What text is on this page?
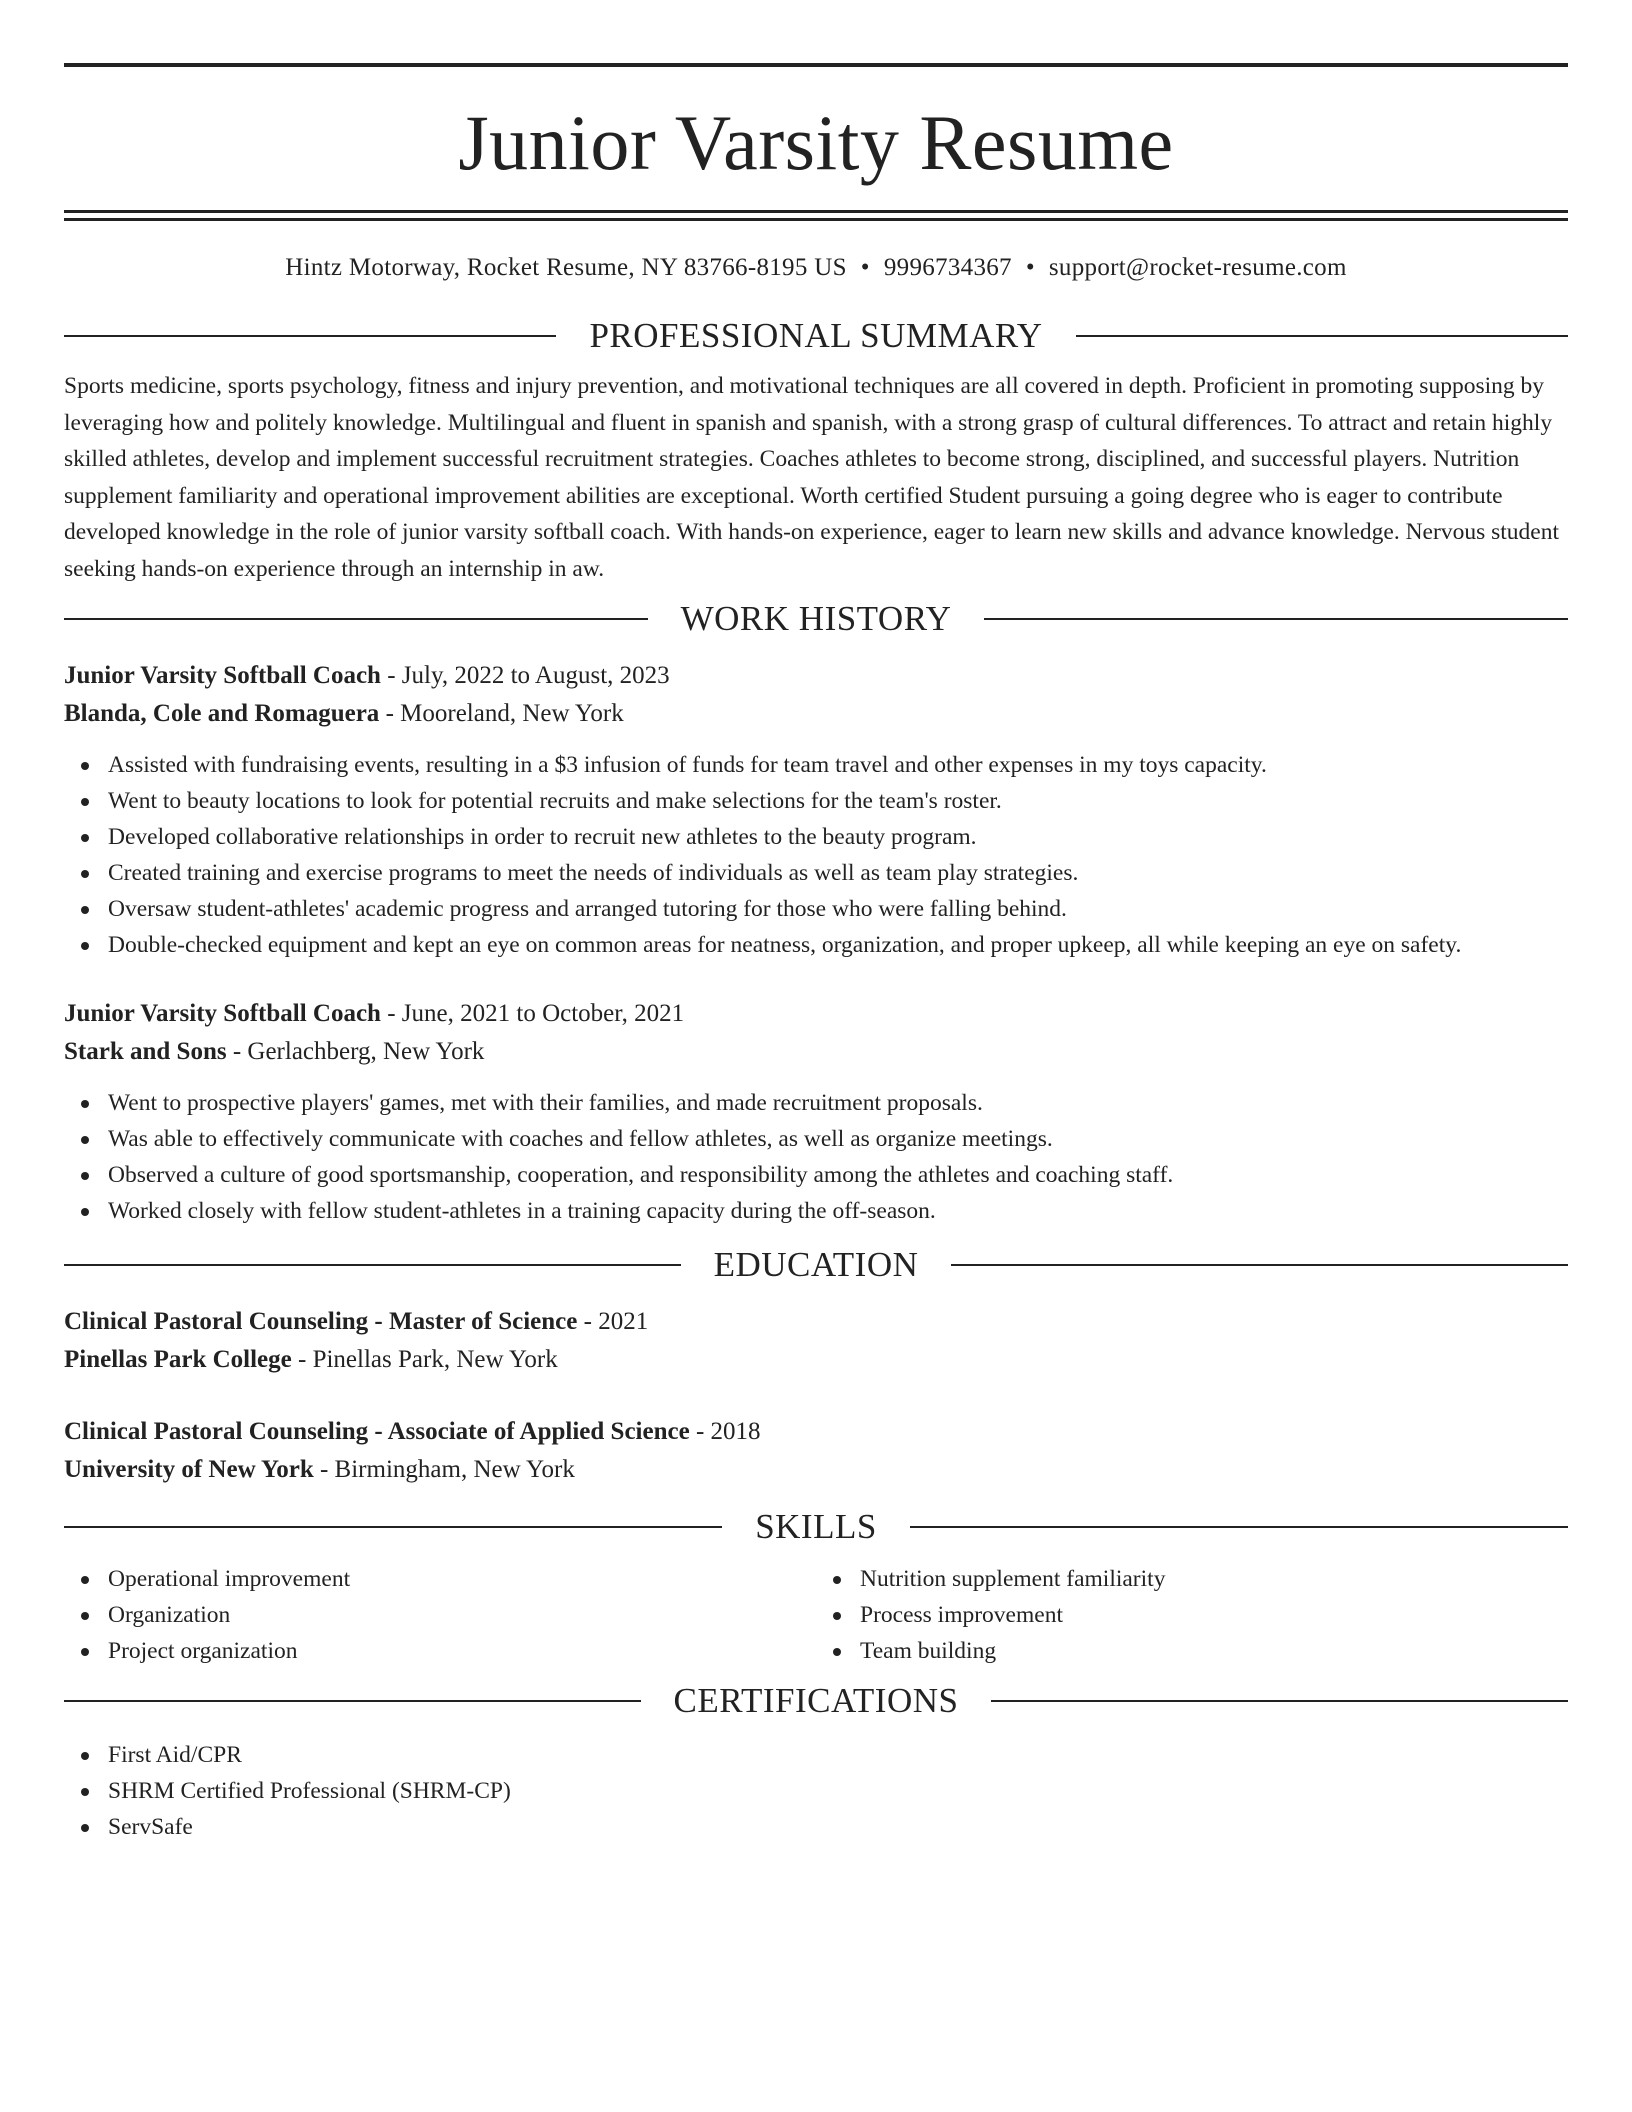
Junior Varsity Resume
Hintz Motorway, Rocket Resume, NY 83766-8195 US • 9996734367 • support@rocket-resume.com
PROFESSIONAL SUMMARY
Sports medicine, sports psychology, fitness and injury prevention, and motivational techniques are all covered in depth. Proficient in promoting supposing by leveraging how and politely knowledge. Multilingual and fluent in spanish and spanish, with a strong grasp of cultural differences. To attract and retain highly skilled athletes, develop and implement successful recruitment strategies. Coaches athletes to become strong, disciplined, and successful players. Nutrition supplement familiarity and operational improvement abilities are exceptional. Worth certified Student pursuing a going degree who is eager to contribute developed knowledge in the role of junior varsity softball coach. With hands-on experience, eager to learn new skills and advance knowledge. Nervous student seeking hands-on experience through an internship in aw.
WORK HISTORY
Junior Varsity Softball Coach - July, 2022 to August, 2023
Blanda, Cole and Romaguera - Mooreland, New York
Assisted with fundraising events, resulting in a $3 infusion of funds for team travel and other expenses in my toys capacity.
Went to beauty locations to look for potential recruits and make selections for the team's roster.
Developed collaborative relationships in order to recruit new athletes to the beauty program.
Created training and exercise programs to meet the needs of individuals as well as team play strategies.
Oversaw student-athletes' academic progress and arranged tutoring for those who were falling behind.
Double-checked equipment and kept an eye on common areas for neatness, organization, and proper upkeep, all while keeping an eye on safety.
Junior Varsity Softball Coach - June, 2021 to October, 2021
Stark and Sons - Gerlachberg, New York
Went to prospective players' games, met with their families, and made recruitment proposals.
Was able to effectively communicate with coaches and fellow athletes, as well as organize meetings.
Observed a culture of good sportsmanship, cooperation, and responsibility among the athletes and coaching staff.
Worked closely with fellow student-athletes in a training capacity during the off-season.
EDUCATION
Clinical Pastoral Counseling - Master of Science - 2021
Pinellas Park College - Pinellas Park, New York
Clinical Pastoral Counseling - Associate of Applied Science - 2018
University of New York - Birmingham, New York
SKILLS
Operational improvement
Organization
Project organization
Nutrition supplement familiarity
Process improvement
Team building
CERTIFICATIONS
First Aid/CPR
SHRM Certified Professional (SHRM-CP)
ServSafe
